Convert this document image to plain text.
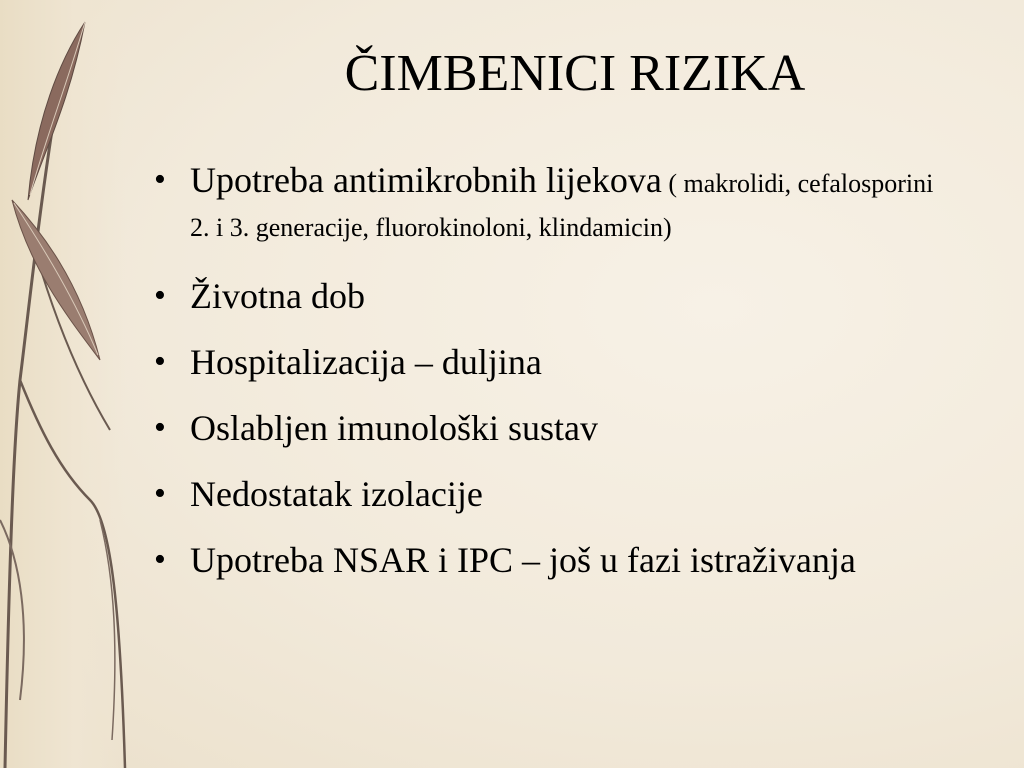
ČIMBENICI RIZIKA
• Upotreba antimikrobnih lijekova ( makrolidi, cefalosporini 2. i 3. generacije, fluorokinoloni, klindamicin)
• Životna dob
• Hospitalizacija – duljina
• Oslabljen imunološki sustav
• Nedostatak izolacije
• Upotreba NSAR i IPC – još u fazi istraživanja
